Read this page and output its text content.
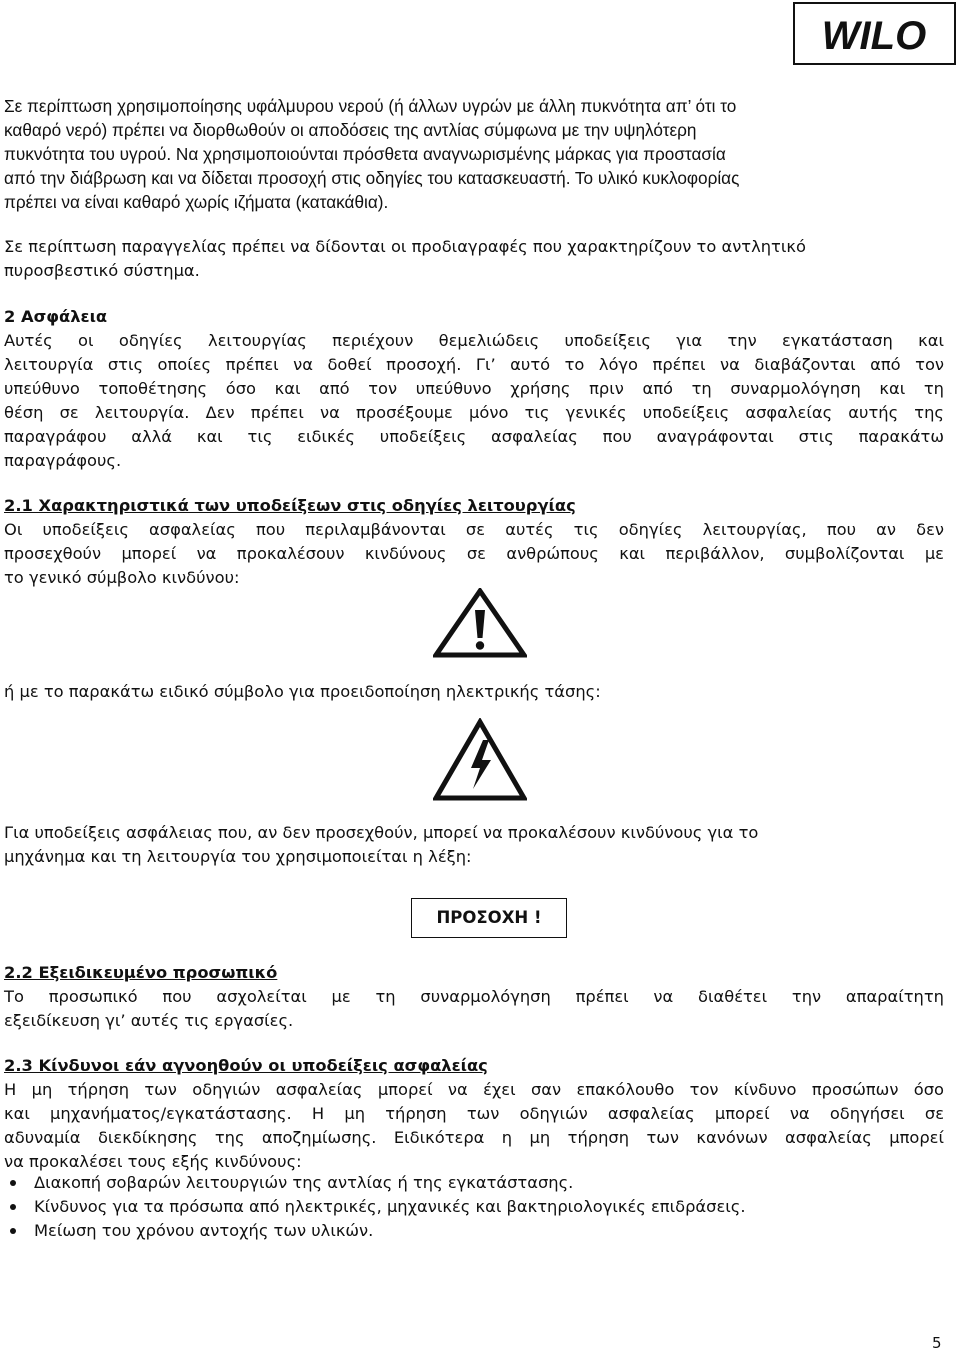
WILO
Σε περίπτωση χρησιμοποίησης υφάλμυρου νερού (ή άλλων υγρών με άλλη πυκνότητα απ’ ότι το
καθαρό νερό) πρέπει να διορθωθούν οι αποδόσεις της αντλίας σύμφωνα με την υψηλότερη
πυκνότητα του υγρού. Να χρησιμοποιούνται πρόσθετα αναγνωρισμένης μάρκας για προστασία
από την διάβρωση και να δίδεται προσοχή στις οδηγίες του κατασκευαστή. Το υλικό κυκλοφορίας
πρέπει να είναι καθαρό χωρίς ιζήματα (κατακάθια).
Σε περίπτωση παραγγελίας πρέπει να δίδονται οι προδιαγραφές που χαρακτηρίζουν το αντλητικό
πυροσβεστικό σύστημα.
2 Ασφάλεια
Αυτές οι οδηγίες λειτουργίας περιέχουν θεμελιώδεις υποδείξεις για την εγκατάσταση και
λειτουργία στις οποίες πρέπει να δοθεί προσοχή. Γι’ αυτό το λόγο πρέπει να διαβάζονται από τον
υπεύθυνο τοποθέτησης όσο και από τον υπεύθυνο χρήσης πριν από τη συναρμολόγηση και τη
θέση σε λειτουργία. Δεν πρέπει να προσέξουμε μόνο τις γενικές υποδείξεις ασφαλείας αυτής της
παραγράφου αλλά και τις ειδικές υποδείξεις ασφαλείας που αναγράφονται στις παρακάτω
παραγράφους.
2.1 Χαρακτηριστικά των υποδείξεων στις οδηγίες λειτουργίας
Οι υποδείξεις ασφαλείας που περιλαμβάνονται σε αυτές τις οδηγίες λειτουργίας, που αν δεν
προσεχθούν μπορεί να προκαλέσουν κινδύνους σε ανθρώπους και περιβάλλον, συμβολίζονται με
το γενικό σύμβολο κινδύνου:
ή με το παρακάτω ειδικό σύμβολο για προειδοποίηση ηλεκτρικής τάσης:
Για υποδείξεις ασφάλειας που, αν δεν προσεχθούν, μπορεί να προκαλέσουν κινδύνους για το
μηχάνημα και τη λειτουργία του χρησιμοποιείται η λέξη:
ΠΡΟΣΟΧΗ !
2.2 Εξειδικευμένο προσωπικό
Το προσωπικό που ασχολείται με τη συναρμολόγηση πρέπει να διαθέτει την απαραίτητη
εξειδίκευση γι’ αυτές τις εργασίες.
2.3 Κίνδυνοι εάν αγνοηθούν οι υποδείξεις ασφαλείας
Η μη τήρηση των οδηγιών ασφαλείας μπορεί να έχει σαν επακόλουθο τον κίνδυνο προσώπων όσο
και μηχανήματος/εγκατάστασης. Η μη τήρηση των οδηγιών ασφαλείας μπορεί να οδηγήσει σε
αδυναμία διεκδίκησης της αποζημίωσης. Ειδικότερα η μη τήρηση των κανόνων ασφαλείας μπορεί
να προκαλέσει τους εξής κινδύνους:
Διακοπή σοβαρών λειτουργιών της αντλίας ή της εγκατάστασης.
Κίνδυνος για τα πρόσωπα από ηλεκτρικές, μηχανικές και βακτηριολογικές επιδράσεις.
Μείωση του χρόνου αντοχής των υλικών.
5
